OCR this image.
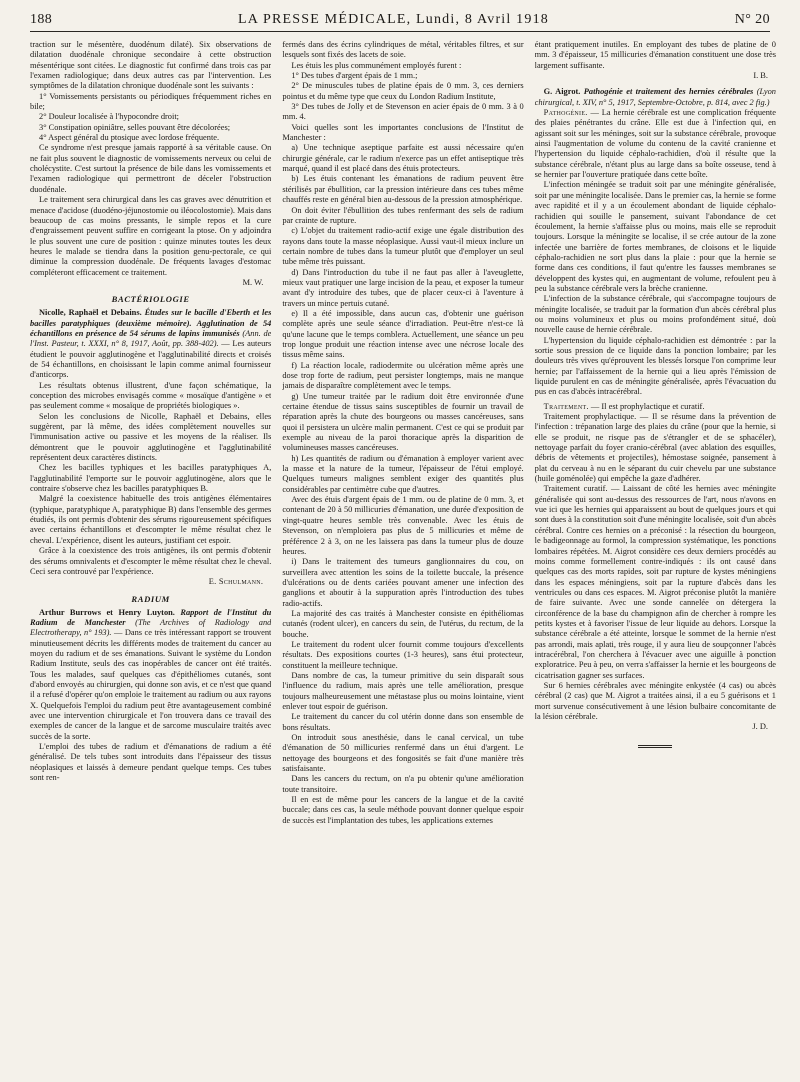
188	LA PRESSE MÉDICALE, Lundi, 8 Avril 1918	N° 20

traction sur le mésentère, duodénum dilaté). Six observations de dilatation duodénale chronique secondaire à cette obstruction mésentérique sont citées. Le diagnostic fut confirmé dans trois cas par l'examen radiologique; dans deux autres cas par l'intervention. Les symptômes de la dilatation chronique duodénale sont les suivants :

1° Vomissements persistants ou périodiques fréquemment riches en bile;

2° Douleur localisée à l'hypocondre droit;

3° Constipation opiniâtre, selles pouvant être décolorées;

4° Aspect général du ptosique avec lordose fréquente.

Ce syndrome n'est presque jamais rapporté à sa véritable cause. On ne fait plus souvent le diagnostic de vomissements nerveux ou celui de cholécystite. C'est surtout la présence de bile dans les vomissements et l'examen radiologique qui permettront de déceler l'obstruction duodénale.

Le traitement sera chirurgical dans les cas graves avec dénutrition et menace d'acidose (duodéno-jéjunostomie ou iléocolostomie). Mais dans beaucoup de cas moins pressants, le simple repos et la cure d'engraissement peuvent suffire en corrigeant la ptose. On y adjoindra le plus souvent une cure de position : quinze minutes toutes les deux heures le malade se tiendra dans la position genu-pectorale, ce qui diminue la compression duodénale. De fréquents lavages d'estomac compléteront efficacement ce traitement.

M. W.
BACTÉRIOLOGIE
Nicolle, Raphaël et Debains. Études sur le bacille d'Eberth et les bacilles paratyphiques (deuxième mémoire). Agglutination de 54 échantillons en présence de 54 sérums de lapins immunisés (Ann. de l'Inst. Pasteur, t. XXXI, n° 8, 1917, Août, pp. 388-402). — Les auteurs étudient le pouvoir agglutinogène et l'agglutinabilité directs et croisés de 54 échantillons, en choisissant le lapin comme animal fournisseur d'anticorps.

Les résultats obtenus illustrent, d'une façon schématique, la conception des microbes envisagés comme « mosaïque d'antigène » et pas seulement comme « mosaïque de propriétés biologiques ».

Selon les conclusions de Nicolle, Raphaël et Debains, elles suggèrent, par là même, des idées complètement nouvelles sur l'immunisation active ou passive et les moyens de la réaliser. Ils démontrent que le pouvoir agglutinogène et l'agglutinabilité représentent deux caractères distincts.

Chez les bacilles typhiques et les bacilles paratyphiques A, l'agglutinabilité l'emporte sur le pouvoir agglutinogène, alors que le contraire s'observe chez les bacilles paratyphiques B.

Malgré la coexistence habituelle des trois antigènes élémentaires (typhique, paratyphique A, paratyphique B) dans l'ensemble des germes étudiés, ils ont permis d'obtenir des sérums rigoureusement spécifiques avec certains échantillons et d'escompter le même résultat chez le cheval. L'expérience, disent les auteurs, justifiant cet espoir.

Grâce à la coexistence des trois antigènes, ils ont permis d'obtenir des sérums omnivalents et d'escompter le même résultat chez le cheval. Ceci sera controuvé par l'expérience.

E. Schulmann.
RADIUM
Arthur Burrows et Henry Luyton. Rapport de l'Institut du Radium de Manchester (The Archives of Radiology and Electrotherapy, n° 193). — Dans ce très intéressant rapport se trouvent minutieusement décrits les différents modes de traitement du cancer au moyen du radium et de ses émanations. Suivant le système du London Radium Institute, seuls des cas inopérables de cancer ont été traités. Tous les malades, sauf quelques cas d'épithéliomes cutanés, sont d'abord envoyés au chirurgien, qui donne son avis, et ce n'est que quand il a refusé d'opérer qu'on emploie le traitement au radium ou aux rayons X. Quelquefois l'emploi du radium peut être avantageusement combiné avec une intervention chirurgicale et l'on trouvera dans ce travail des exemples de cancer de la langue et de sarcome musculaire traités avec succès de la sorte.

L'emploi des tubes de radium et d'émanations de radium a été généralisé. De tels tubes sont introduits dans l'épaisseur des tissus néoplasiques et laissés à demeure pendant quelque temps. Ces tubes sont ren-

fermés dans des écrins cylindriques de métal, véritables filtres, et sur lesquels sont fixés des lacets de soie.

Les étuis les plus communément employés furent :

1° Des tubes d'argent épais de 1 mm.;

2° De minuscules tubes de platine épais de 0 mm. 3, ces derniers pointus et du même type que ceux du London Radium Institute,

3° Des tubes de Jolly et de Stevenson en acier épais de 0 mm. 3 à 0 mm. 4.

Voici quelles sont les importantes conclusions de l'Institut de Manchester :

a) Une technique aseptique parfaite est aussi nécessaire qu'en chirurgie générale, car le radium n'exerce pas un effet antiseptique très marqué, quand il est placé dans des étuis protecteurs.

b) Les étuis contenant les émanations de radium peuvent être stérilisés par ébullition, car la pression intérieure dans ces tubes même chauffés reste en général bien au-dessous de la pression atmosphérique.

On doit éviter l'ébullition des tubes renfermant des sels de radium par crainte de rupture.

c) L'objet du traitement radio-actif exige une égale distribution des rayons dans toute la masse néoplasique. Aussi vaut-il mieux inclure un certain nombre de tubes dans la tumeur plutôt que d'employer un seul tube même très puissant.

d) Dans l'introduction du tube il ne faut pas aller à l'aveuglette, mieux vaut pratiquer une large incision de la peau, et exposer la tumeur avant d'y introduire des tubes, que de placer ceux-ci à l'aventure à travers un mince pertuis cutané.

e) Il a été impossible, dans aucun cas, d'obtenir une guérison complète après une seule séance d'irradiation. Peut-être n'est-ce là qu'une lacune que le temps comblera. Actuellement, une séance un peu trop longue produit une réaction intense avec une nécrose locale des tissus même sains.

f) La réaction locale, radiodermite ou ulcération même après une dose trop forte de radium, peut persister longtemps, mais ne manque jamais de disparaître complètement avec le temps.

g) Une tumeur traitée par le radium doit être environnée d'une certaine étendue de tissus sains susceptibles de fournir un travail de réparation après la chute des bourgeons ou masses cancéreuses, sans quoi il persistera un ulcère malin permanent. C'est ce qui se produit par exemple au niveau de la paroi thoracique après la disparition de volumineuses masses cancéreuses.

h) Les quantités de radium ou d'émanation à employer varient avec la masse et la nature de la tumeur, l'épaisseur de l'étui employé. Quelques tumeurs malignes semblent exiger des quantités plus considérables par centimètre cube que d'autres.

Avec des étuis d'argent épais de 1 mm. ou de platine de 0 mm. 3, et contenant de 20 à 50 millicuries d'émanation, une durée d'exposition de vingt-quatre heures semble très convenable. Avec les étuis de Stevenson, on n'emploiera pas plus de 5 millicuries et même de préférence 2 à 3, on ne les laissera pas dans la tumeur plus de douze heures.

i) Dans le traitement des tumeurs ganglionnaires du cou, on surveillera avec attention les soins de la toilette buccale, la présence d'ulcérations ou de dents cariées pouvant amener une infection des ganglions et aboutir à la suppuration après l'introduction des tubes radio-actifs.

La majorité des cas traités à Manchester consiste en épithéliomas cutanés (rodent ulcer), en cancers du sein, de l'utérus, du rectum, de la bouche.

Le traitement du rodent ulcer fournit comme toujours d'excellents résultats. Des expositions courtes (1-3 heures), sans étui protecteur, constituent la meilleure technique.

Dans nombre de cas, la tumeur primitive du sein disparaît sous l'influence du radium, mais après une telle amélioration, presque toujours malheureusement une métastase plus ou moins lointaine, vient enlever tout espoir de guérison.

Le traitement du cancer du col utérin donne dans son ensemble de bons résultats.

On introduit sous anesthésie, dans le canal cervical, un tube d'émanation de 50 millicuries renfermé dans un étui d'argent. Le nettoyage des bourgeons et des fongosités se fait d'une manière très satisfaisante.

Dans les cancers du rectum, on n'a pu obtenir qu'une amélioration toute transitoire.

Il en est de même pour les cancers de la langue et de la cavité buccale; dans ces cas, la seule méthode pouvant donner quelque espoir de succès est l'implantation des tubes, les applications externes

étant pratiquement inutiles. En employant des tubes de platine de 0 mm. 3 d'épaisseur, 15 millicuries d'émanation constituent une dose très largement suffisante.

I. B.
G. Aigrot. Pathogénie et traitement des hernies cérébrales (Lyon chirurgical, t. XIV, n° 5, 1917, Septembre-Octobre, p. 814, avec 2 fig.)

Pathogénie. — La hernie cérébrale est une complication fréquente des plaies pénétrantes du crâne. Elle est due à l'infection qui, en agissant soit sur les méninges, soit sur la substance cérébrale, provoque ainsi l'augmentation de volume du contenu de la cavité cranienne et l'hypertension du liquide céphalo-rachidien, d'où il résulte que la substance cérébrale, n'étant plus au large dans sa boîte osseuse, tend à se hernier par l'ouverture pratiquée dans cette boîte.

L'infection méningée se traduit soit par une méningite généralisée, soit par une méningite localisée. Dans le premier cas, la hernie se forme avec rapidité et il y a un écoulement abondant de liquide céphalo-rachidien qui souille le pansement, suivant l'abondance de cet écoulement, la hernie s'affaisse plus ou moins, mais elle se reproduit toujours. Lorsque la méningite se localise, il se crée autour de la zone infectée une barrière de fortes membranes, de cloisons et le liquide céphalo-rachidien ne sort plus dans la plaie : pour que la hernie se forme dans ces conditions, il faut qu'entre les fausses membranes se développent des kystes qui, en augmentant de volume, refoulent peu à peu la substance cérébrale vers la brèche cranienne.

L'infection de la substance cérébrale, qui s'accompagne toujours de méningite localisée, se traduit par la formation d'un abcès cérébral plus ou moins volumineux et plus ou moins profondément situé, doù nouvelle cause de hernie cérébrale.

L'hypertension du liquide céphalo-rachidien est démontrée : par la sortie sous pression de ce liquide dans la ponction lombaire; par les douleurs très vives qu'éprouvent les blessés lorsque l'on comprime leur hernie; par l'affaissement de la hernie qui a lieu après l'émission de liquide purulent en cas de méningite généralisée, après l'évacuation du pus en cas d'abcès intracérébral.

Traitement. — Il est prophylactique et curatif.

Traitement prophylactique. — Il se résume dans la prévention de l'infection : trépanation large des plaies du crâne (pour que la hernie, si elle se produit, ne risque pas de s'étrangler et de se sphacéler), nettoyage parfait du foyer cranio-cérébral (avec ablation des esquilles, débris de vêtements et projectiles), hémostase soignée, pansement à plat du cerveau à nu en le séparant du cuir chevelu par une substance (huile goménolée) qui empêche la gaze d'adhérer.

Traitement curatif. — Laissant de côté les hernies avec méningite généralisée qui sont au-dessus des ressources de l'art, nous n'avons en vue ici que les hernies qui apparaissent au bout de quelques jours et qui sont dues à la constitution soit d'une méningite localisée, soit d'un abcès cérébral. Contre ces hernies on a préconisé : la résection du bourgeon, le badigeonnage au formol, la compression systématique, les ponctions lombaires répétées. M. Aigrot considère ces deux derniers procédés au moins comme formellement contre-indiqués : ils ont causé dans quelques cas des morts rapides, soit par rupture de kystes méningiens dans les espaces méningiens, soit par la rupture d'abcès dans les ventricules ou dans ces espaces. M. Aigrot préconise plutôt la manière de faire suivante. Avec une sonde cannelée on détergera la circonférence de la base du champignon afin de chercher à rompre les petits kystes et à favoriser l'issue de leur liquide au dehors. Lorsque la substance cérébrale a été atteinte, lorsque le sommet de la hernie n'est pas arrondi, mais aplati, très rouge, il y aura lieu de soupçonner l'abcès intracérébral, l'on cherchera à l'évacuer avec une aiguille à ponction exploratrice. Peu à peu, on verra s'affaisser la hernie et les bourgeons de cicatrisation gagner ses surfaces.

Sur 6 hernies cérébrales avec méningite enkystée (4 cas) ou abcès cérébral (2 cas) que M. Aigrot a traitées ainsi, il a eu 5 guérisons et 1 mort survenue consécutivement à une lésion bulbaire concomitante de la lésion cérébrale.

J. D.
